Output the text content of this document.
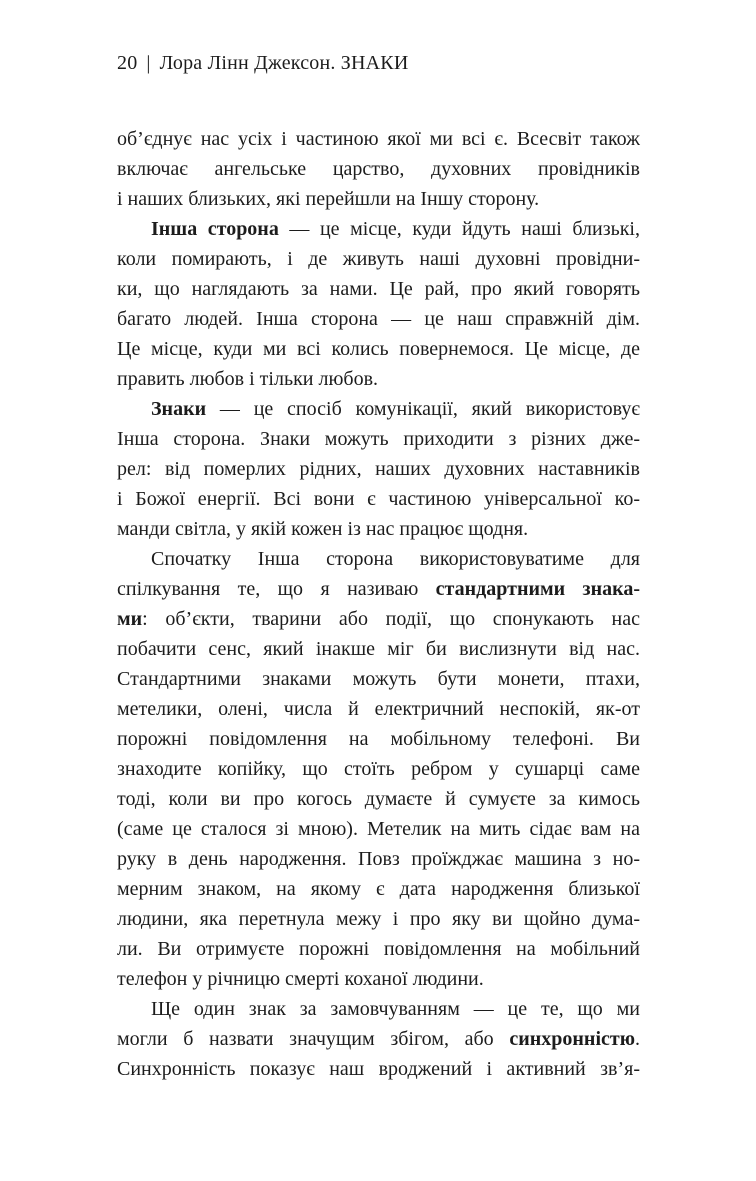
20 | Лора Лінн Джексон. ЗНАКИ
об’єднує нас усіх і частиною якої ми всі є. Всесвіт також
включає ангельське царство, духовних провідників
і наших близьких, які перейшли на Іншу сторону.
Інша сторона — це місце, куди йдуть наші близькі,
коли помирають, і де живуть наші духовні провідни-
ки, що наглядають за нами. Це рай, про який говорять
багато людей. Інша сторона — це наш справжній дім.
Це місце, куди ми всі колись повернемося. Це місце, де
править любов і тільки любов.
Знаки — це спосіб комунікації, який використовує
Інша сторона. Знаки можуть приходити з різних дже-
рел: від померлих рідних, наших духовних наставників
і Божої енергії. Всі вони є частиною універсальної ко-
манди світла, у якій кожен із нас працює щодня.
Спочатку Інша сторона використовуватиме для
спілкування те, що я називаю стандартними знака-
ми: об’єкти, тварини або події, що спонукають нас
побачити сенс, який інакше міг би вислизнути від нас.
Стандартними знаками можуть бути монети, птахи,
метелики, олені, числа й електричний неспокій, як-от
порожні повідомлення на мобільному телефоні. Ви
знаходите копійку, що стоїть ребром у сушарці саме
тоді, коли ви про когось думаєте й сумуєте за кимось
(саме це сталося зі мною). Метелик на мить сідає вам на
руку в день народження. Повз проїжджає машина з но-
мерним знаком, на якому є дата народження близької
людини, яка перетнула межу і про яку ви щойно дума-
ли. Ви отримуєте порожні повідомлення на мобільний
телефон у річницю смерті коханої людини.
Ще один знак за замовчуванням — це те, що ми
могли б назвати значущим збігом, або синхронністю.
Синхронність показує наш вроджений і активний зв’я-
